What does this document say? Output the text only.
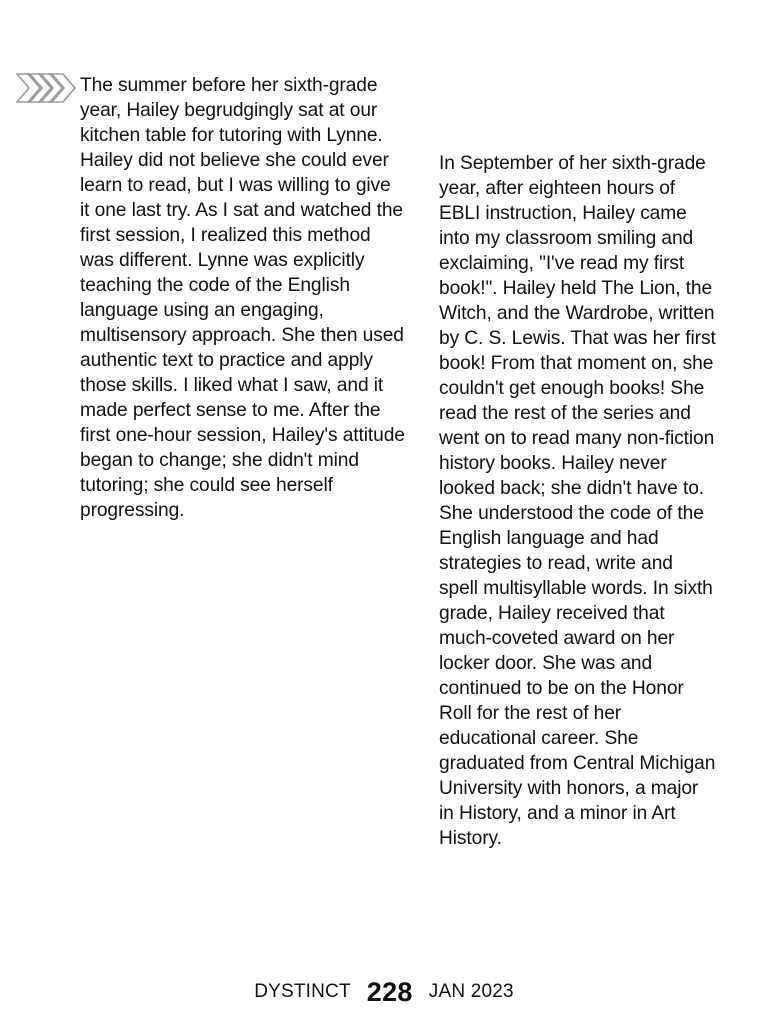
The summer before her sixth-grade year, Hailey begrudgingly sat at our kitchen table for tutoring with Lynne. Hailey did not believe she could ever learn to read, but I was willing to give it one last try. As I sat and watched the first session, I realized this method was different. Lynne was explicitly teaching the code of the English language using an engaging, multisensory approach. She then used authentic text to practice and apply those skills. I liked what I saw, and it made perfect sense to me. After the first one-hour session, Hailey's attitude began to change; she didn't mind tutoring; she could see herself progressing.
In September of her sixth-grade year, after eighteen hours of EBLI instruction, Hailey came into my classroom smiling and exclaiming, "I've read my first book!". Hailey held The Lion, the Witch, and the Wardrobe, written by C. S. Lewis. That was her first book! From that moment on, she couldn't get enough books! She read the rest of the series and went on to read many non-fiction history books. Hailey never looked back; she didn't have to. She understood the code of the English language and had strategies to read, write and spell multisyllable words. In sixth grade, Hailey received that much-coveted award on her locker door. She was and continued to be on the Honor Roll for the rest of her educational career. She graduated from Central Michigan University with honors, a major in History, and a minor in Art History.
DYSTINCT 228 JAN 2023
